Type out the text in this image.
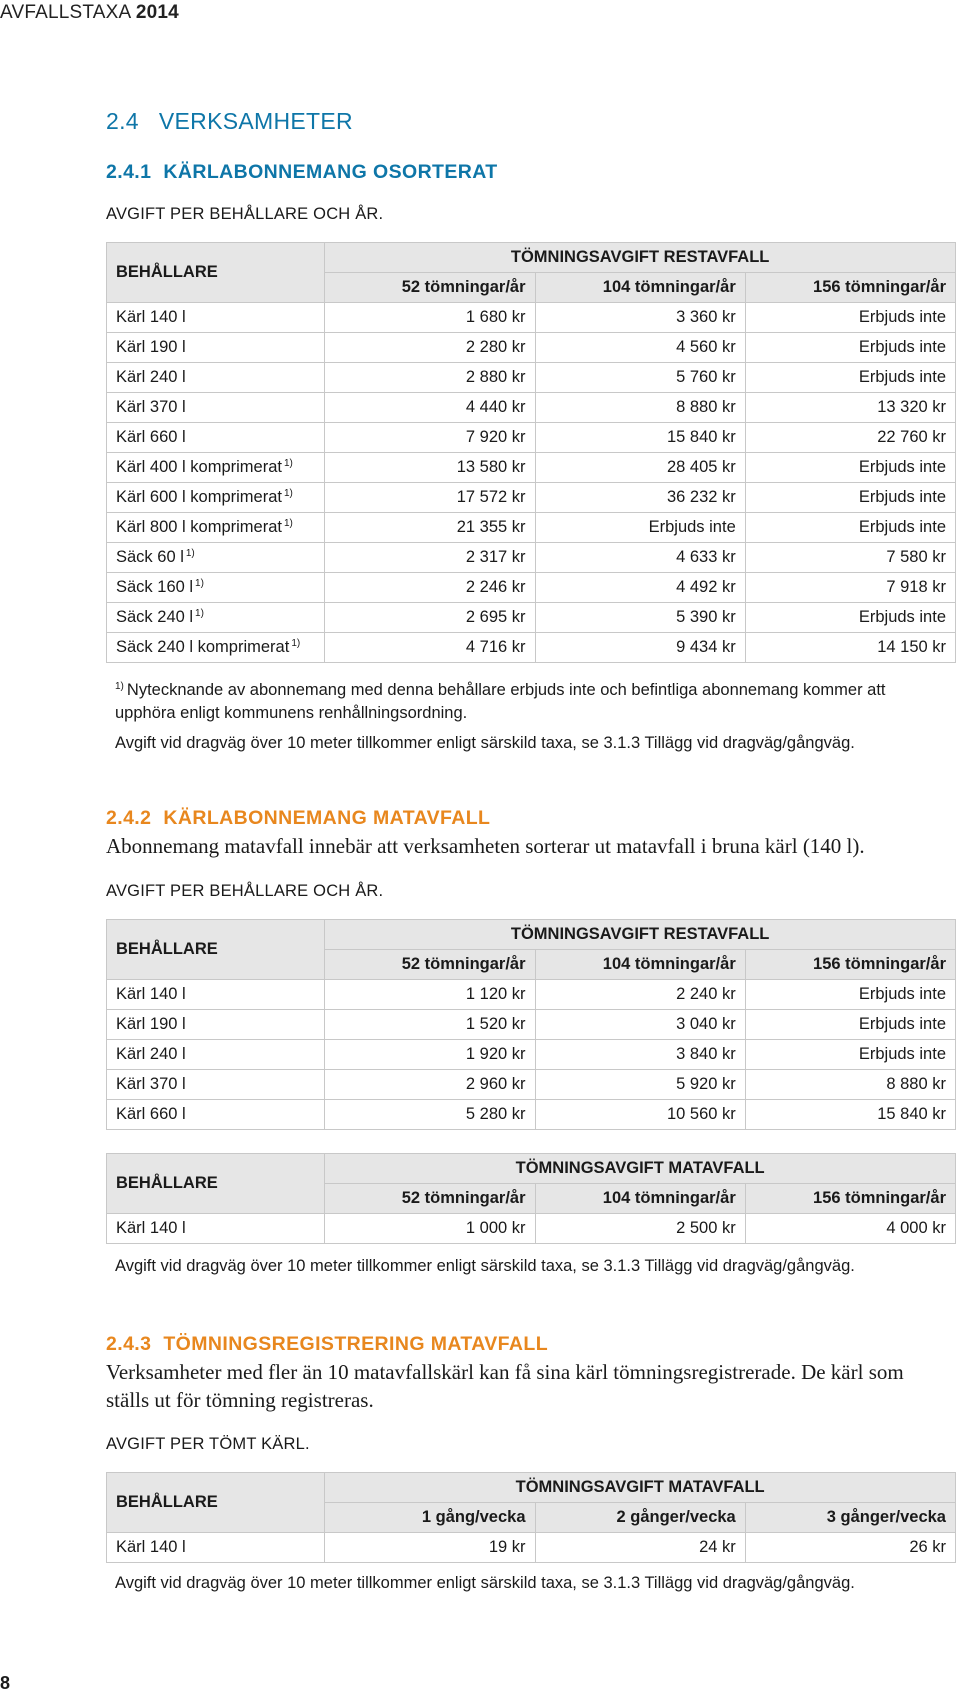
AVFALLSTAXA 2014
8
2.4 VERKSAMHETER
2.4.1 KÄRLABONNEMANG OSORTERAT
AVGIFT PER BEHÅLLARE OCH ÅR.
BEHÅLLARE	TÖMNINGSAVGIFT RESTAVFALL		
	52 tömningar/år	104 tömningar/år	156 tömningar/år
Kärl 140 l	1 680 kr	3 360 kr	Erbjuds inte
Kärl 190 l	2 280 kr	4 560 kr	Erbjuds inte
Kärl 240 l	2 880 kr	5 760 kr	Erbjuds inte
Kärl 370 l	4 440 kr	8 880 kr	13 320 kr
Kärl 660 l	7 920 kr	15 840 kr	22 760 kr
Kärl 400 l komprimerat $^{1)}$	13 580 kr	28 405 kr	Erbjuds inte
Kärl 600 l komprimerat $^{1)}$	17 572 kr	36 232 kr	Erbjuds inte
Kärl 800 l komprimerat $^{1)}$	21 355 kr	Erbjuds inte	Erbjuds inte
Säck 60 l $^{1)}$	2 317 kr	4 633 kr	7 580 kr
Säck 160 l $^{1)}$	2 246 kr	4 492 kr	7 918 kr
Säck 240 l $^{1)}$	2 695 kr	5 390 kr	Erbjuds inte
Säck 240 l komprimerat $^{1)}$	4 716 kr	9 434 kr	14 150 kr
$^{1)}$ Nytecknande av abonnemang med denna behållare erbjuds inte och befintliga abonnemang kommer att upphöra enligt kommunens renhållningsordning.
Avgift vid dragväg över 10 meter tillkommer enligt särskild taxa, se 3.1.3 Tillägg vid dragväg/gångväg.
2.4.2 KÄRLABONNEMANG MATAVFALL
Abonnemang matavfall innebär att verksamheten sorterar ut matavfall i bruna kärl (140 l).
AVGIFT PER BEHÅLLARE OCH ÅR.
BEHÅLLARE	TÖMNINGSAVGIFT RESTAVFALL		
	52 tömningar/år	104 tömningar/år	156 tömningar/år
Kärl 140 l	1 120 kr	2 240 kr	Erbjuds inte
Kärl 190 l	1 520 kr	3 040 kr	Erbjuds inte
Kärl 240 l	1 920 kr	3 840 kr	Erbjuds inte
Kärl 370 l	2 960 kr	5 920 kr	8 880 kr
Kärl 660 l	5 280 kr	10 560 kr	15 840 kr
BEHÅLLARE	TÖMNINGSAVGIFT MATAVFALL		
	52 tömningar/år	104 tömningar/år	156 tömningar/år
Kärl 140 l	1 000 kr	2 500 kr	4 000 kr
Avgift vid dragväg över 10 meter tillkommer enligt särskild taxa, se 3.1.3 Tillägg vid dragväg/gångväg.
2.4.3 TÖMNINGSREGISTRERING MATAVFALL
Verksamheter med fler än 10 matavfallskärl kan få sina kärl tömningsregistrerade. De kärl som ställs ut för tömning registreras.
AVGIFT PER TÖMT KÄRL.
BEHÅLLARE	TÖMNINGSAVGIFT MATAVFALL		
	1 gång/vecka	2 gånger/vecka	3 gånger/vecka
Kärl 140 l	19 kr	24 kr	26 kr
Avgift vid dragväg över 10 meter tillkommer enligt särskild taxa, se 3.1.3 Tillägg vid dragväg/gångväg.
